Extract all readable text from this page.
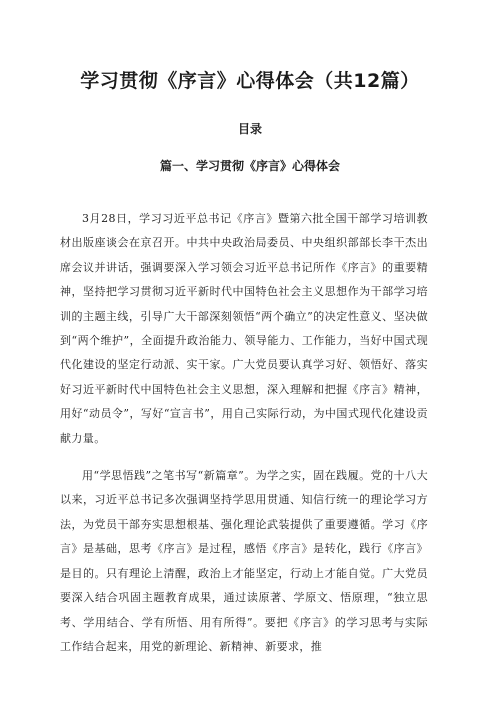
学习贯彻《序言》心得体会（共12篇）
目录
篇一、学习贯彻《序言》心得体会

3月28日，学习习近平总书记《序言》暨第六批全国干部学习培训教材出版座谈会在京召开。中共中央政治局委员、中央组织部部长李干杰出席会议并讲话，强调要深入学习领会习近平总书记所作《序言》的重要精神，坚持把学习贯彻习近平新时代中国特色社会主义思想作为干部学习培训的主题主线，引导广大干部深刻领悟“两个确立”的决定性意义、坚决做到“两个维护”，全面提升政治能力、领导能力、工作能力，当好中国式现代化建设的坚定行动派、实干家。广大党员要认真学习好、领悟好、落实好习近平新时代中国特色社会主义思想，深入理解和把握《序言》精神，用好“动员令”，写好“宣言书”，用自己实际行动，为中国式现代化建设贡献力量。

用“学思悟践”之笔书写“新篇章”。为学之实，固在践履。党的十八大以来，习近平总书记多次强调坚持学思用贯通、知信行统一的理论学习方法，为党员干部夯实思想根基、强化理论武装提供了重要遵循。学习《序言》是基础，思考《序言》是过程，感悟《序言》是转化，践行《序言》是目的。只有理论上清醒，政治上才能坚定，行动上才能自觉。广大党员要深入结合巩固主题教育成果，通过读原著、学原文、悟原理，“独立思考、学用结合、学有所悟、用有所得”。要把《序言》的学习思考与实际工作结合起来，用党的新理论、新精神、新要求，推
